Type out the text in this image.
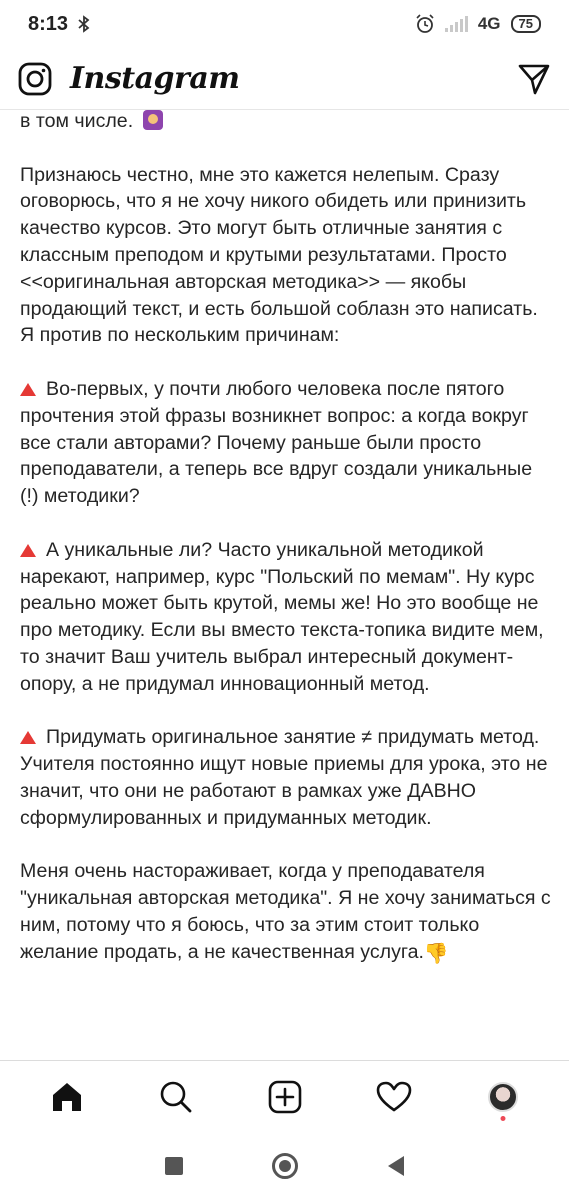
8:13	4G 75
Instagram

в том числе.

Признаюсь честно, мне это кажется нелепым. Сразу оговорюсь, что я не хочу никого обидеть или принизить качество курсов. Это могут быть отличные занятия с классным преподом и крутыми результатами. Просто <<оригинальная авторская методика>> — якобы продающий текст, и есть большой соблазн это написать. Я против по нескольким причинам:

Во-первых, у почти любого человека после пятого прочтения этой фразы возникнет вопрос: а когда вокруг все стали авторами? Почему раньше были просто преподаватели, а теперь все вдруг создали уникальные (!) методики?

А уникальные ли? Часто уникальной методикой нарекают, например, курс "Польский по мемам". Ну курс реально может быть крутой, мемы же! Но это вообще не про методику. Если вы вместо текста-топика видите мем, то значит Ваш учитель выбрал интересный документ-опору, а не придумал инновационный метод.

Придумать оригинальное занятие ≠ придумать метод. Учителя постоянно ищут новые приемы для урока, это не значит, что они не работают в рамках уже ДАВНО сформулированных и придуманных методик.

Меня очень настораживает, когда у преподавателя "уникальная авторская методика". Я не хочу заниматься с ним, потому что я боюсь, что за этим стоит только желание продать, а не качественная услуга.👎
